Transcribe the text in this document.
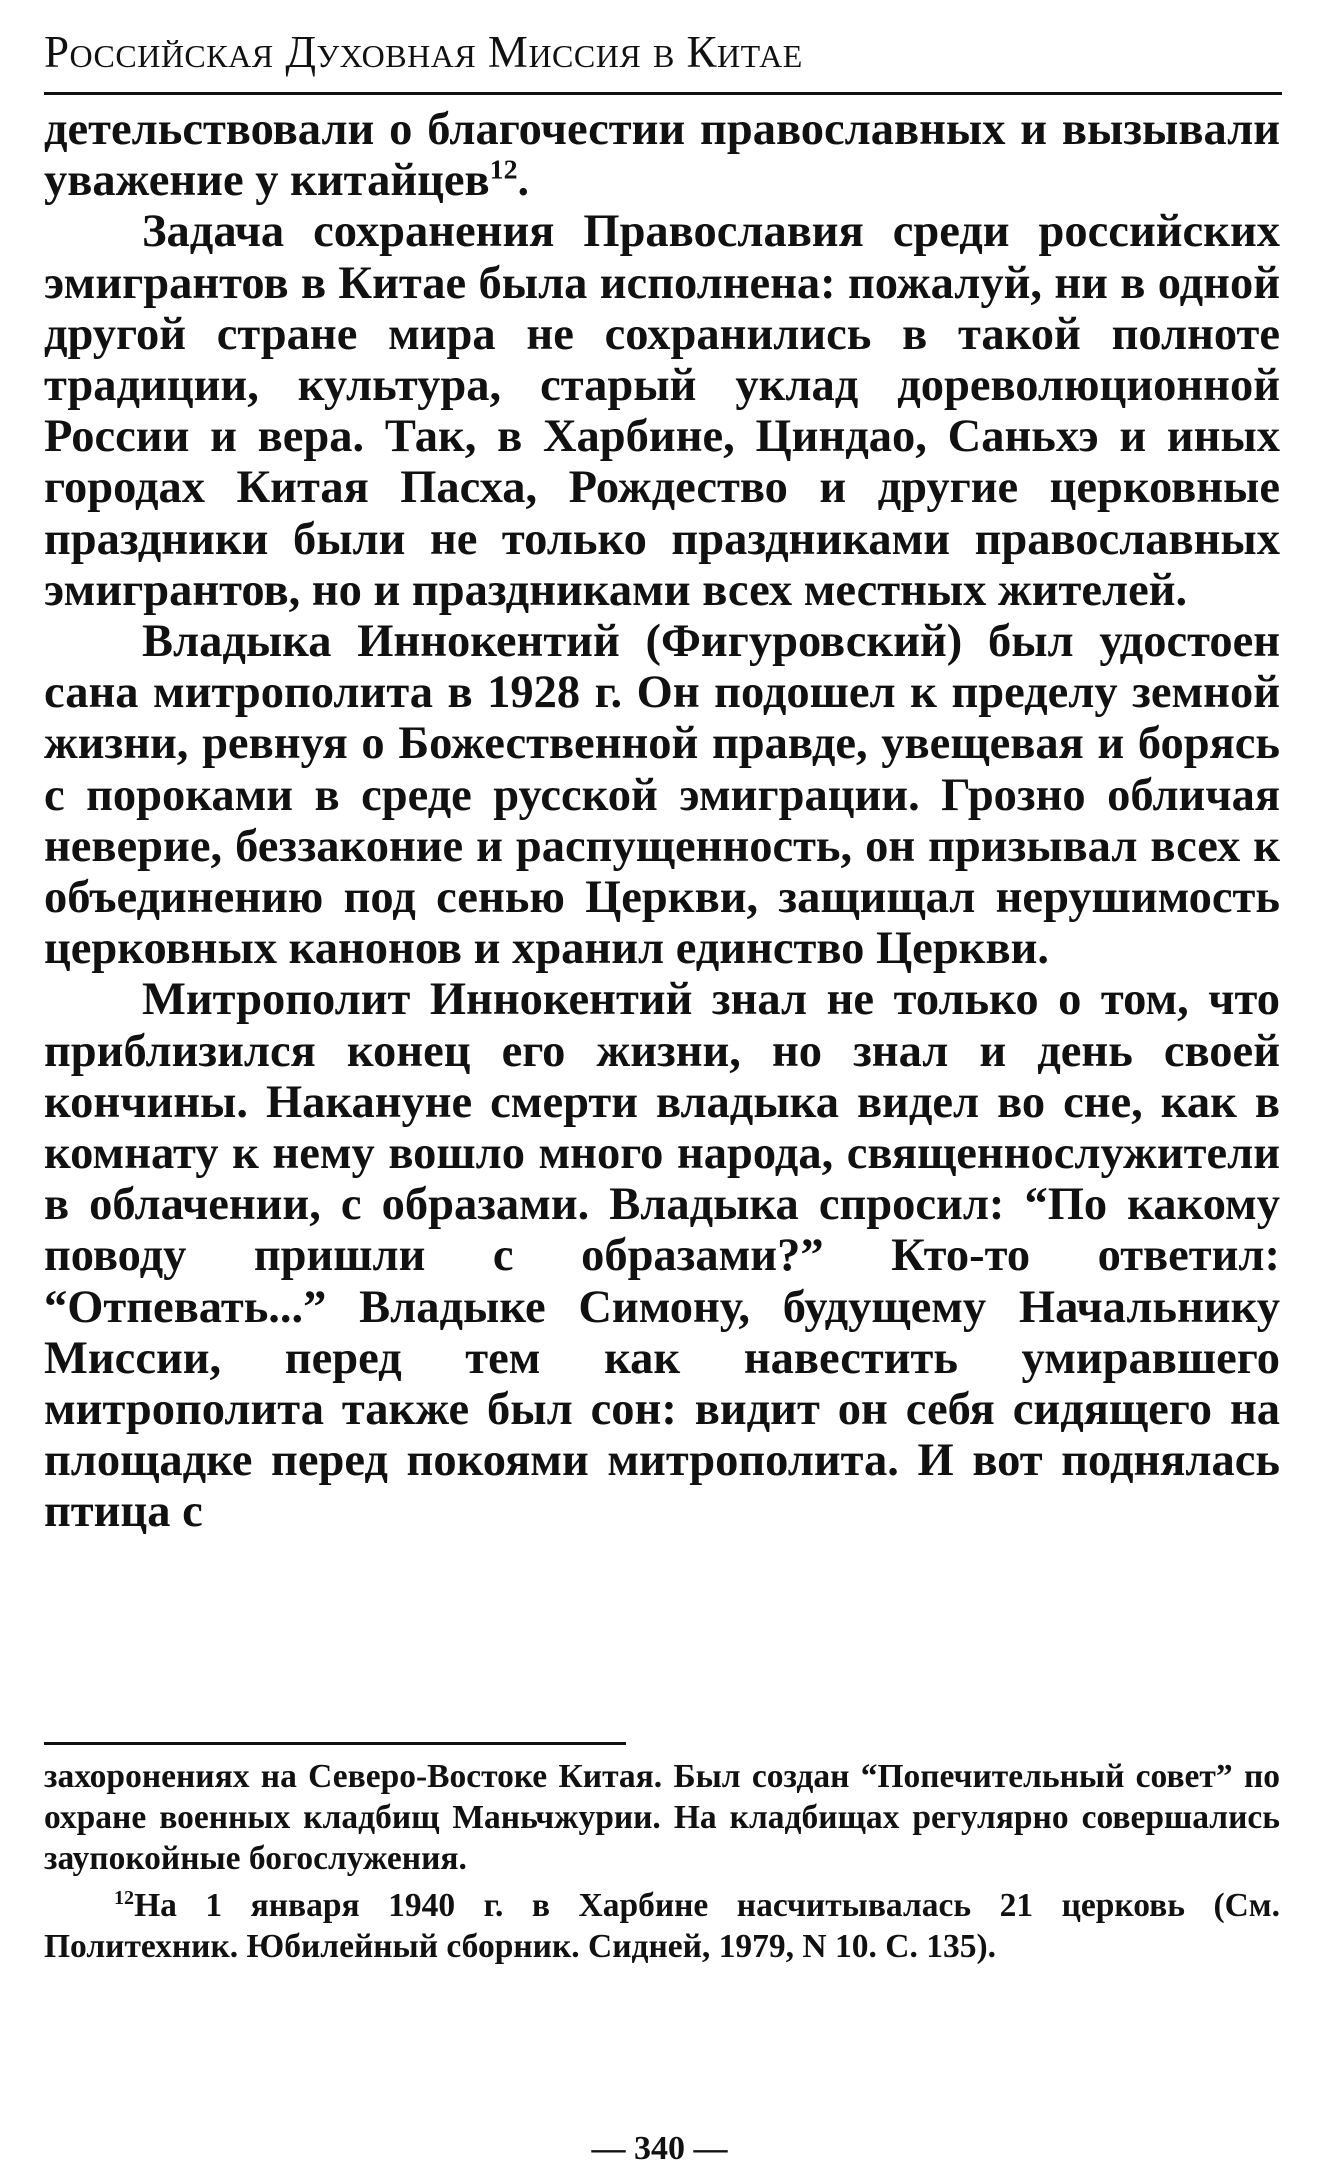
Российская Духовная Миссия в Китае

детельствовали о благочестии православных и вызывали уважение у китайцев$^{12}$.

Задача сохранения Православия среди российских эмигрантов в Китае была исполнена: пожалуй, ни в одной другой стране мира не сохранились в такой полноте традиции, культура, старый уклад дореволюционной России и вера. Так, в Харбине, Циндао, Саньхэ и иных городах Китая Пасха, Рождество и другие церковные праздники были не только праздниками православных эмигрантов, но и праздниками всех местных жителей.

Владыка Иннокентий (Фигуровский) был удостоен сана митрополита в 1928 г. Он подошел к пределу земной жизни, ревнуя о Божественной правде, увещевая и борясь с пороками в среде русской эмиграции. Грозно обличая неверие, беззаконие и распущенность, он призывал всех к объединению под сенью Церкви, защищал нерушимость церковных канонов и хранил единство Церкви.

Митрополит Иннокентий знал не только о том, что приблизился конец его жизни, но знал и день своей кончины. Накануне смерти владыка видел во сне, как в комнату к нему вошло много народа, священнослужители в облачении, с образами. Владыка спросил: “По какому поводу пришли с образами?” Кто-то ответил: “Отпевать...” Владыке Симону, будущему Начальнику Миссии, перед тем как навестить умиравшего митрополита также был сон: видит он себя сидящего на площадке перед покоями митрополита. И вот поднялась птица с

захоронениях на Северо-Востоке Китая. Был создан “Попечительный совет” по охране военных кладбищ Маньчжурии. На кладбищах регулярно совершались заупокойные богослужения.

$^{12}$На 1 января 1940 г. в Харбине насчитывалась 21 церковь (См. Политехник. Юбилейный сборник. Сидней, 1979, N 10. С. 135).

— 340 —
